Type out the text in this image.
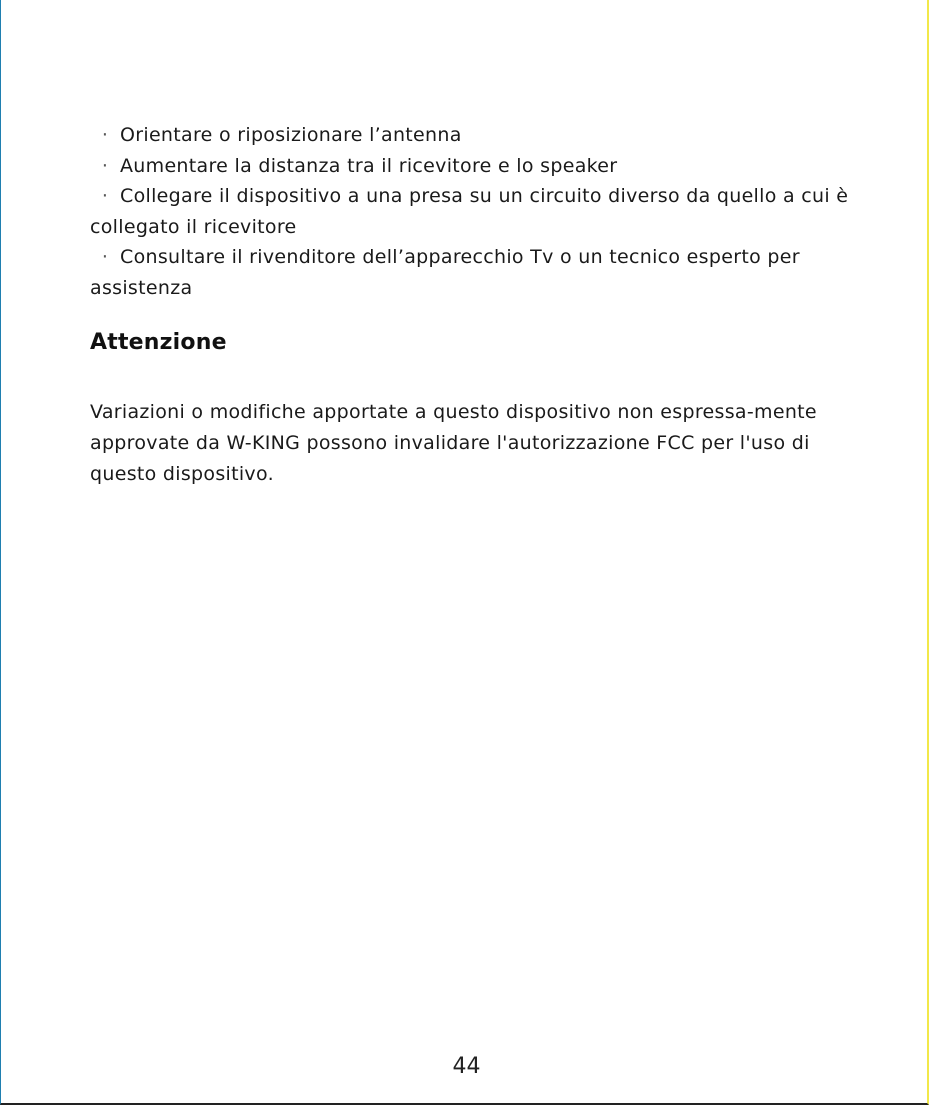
· Orientare o riposizionare l’antenna
· Aumentare la distanza tra il ricevitore e lo speaker
· Collegare il dispositivo a una presa su un circuito diverso da quello a cui è collegato il ricevitore
· Consultare il rivenditore dell’apparecchio Tv o un tecnico esperto per assistenza
Attenzione

Variazioni o modifiche apportate a questo dispositivo non espressa-mente approvate da W-KING possono invalidare l'autorizzazione FCC per l'uso di questo dispositivo.

44
